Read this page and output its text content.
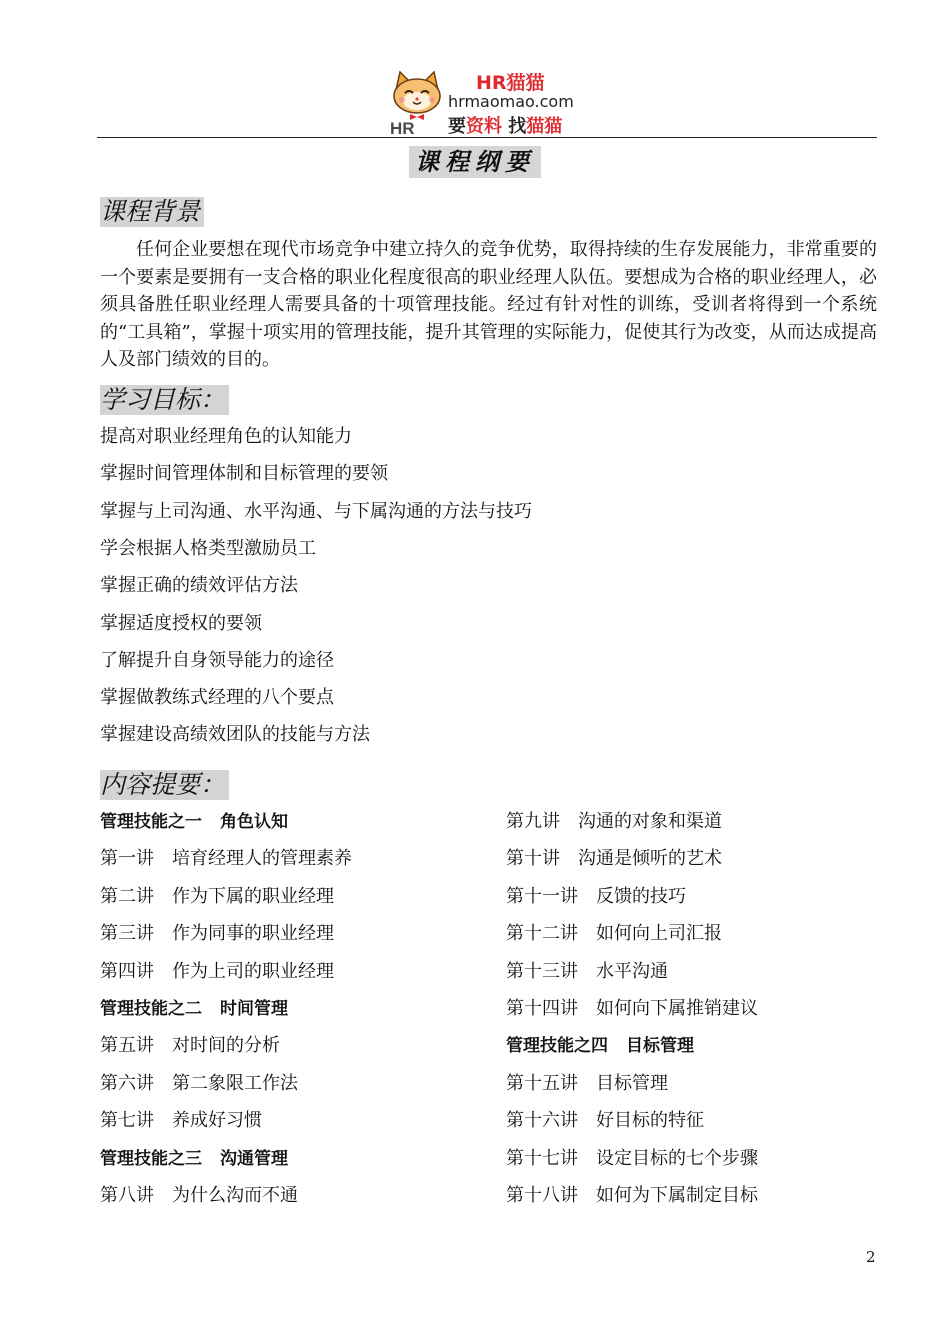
HR
HR猫猫
hrmaomao.com
要资料 找猫猫
课程纲要
课程背景
任何企业要想在现代市场竞争中建立持久的竞争优势，取得持续的生存发展能力，非常重要的一个要素是要拥有一支合格的职业化程度很高的职业经理人队伍。要想成为合格的职业经理人，必须具备胜任职业经理人需要具备的十项管理技能。经过有针对性的训练，受训者将得到一个系统的“工具箱”，掌握十项实用的管理技能，提升其管理的实际能力，促使其行为改变，从而达成提高人及部门绩效的目的。
学习目标：
提高对职业经理角色的认知能力
掌握时间管理体制和目标管理的要领
掌握与上司沟通、水平沟通、与下属沟通的方法与技巧
学会根据人格类型激励员工
掌握正确的绩效评估方法
掌握适度授权的要领
了解提升自身领导能力的途径
掌握做教练式经理的八个要点
掌握建设高绩效团队的技能与方法
内容提要：
管理技能之一 角色认知
第一讲 培育经理人的管理素养
第二讲 作为下属的职业经理
第三讲 作为同事的职业经理
第四讲 作为上司的职业经理
管理技能之二 时间管理
第五讲 对时间的分析
第六讲 第二象限工作法
第七讲 养成好习惯
管理技能之三 沟通管理
第八讲 为什么沟而不通
第九讲 沟通的对象和渠道
第十讲 沟通是倾听的艺术
第十一讲 反馈的技巧
第十二讲 如何向上司汇报
第十三讲 水平沟通
第十四讲 如何向下属推销建议
管理技能之四 目标管理
第十五讲 目标管理
第十六讲 好目标的特征
第十七讲 设定目标的七个步骤
第十八讲 如何为下属制定目标
2
